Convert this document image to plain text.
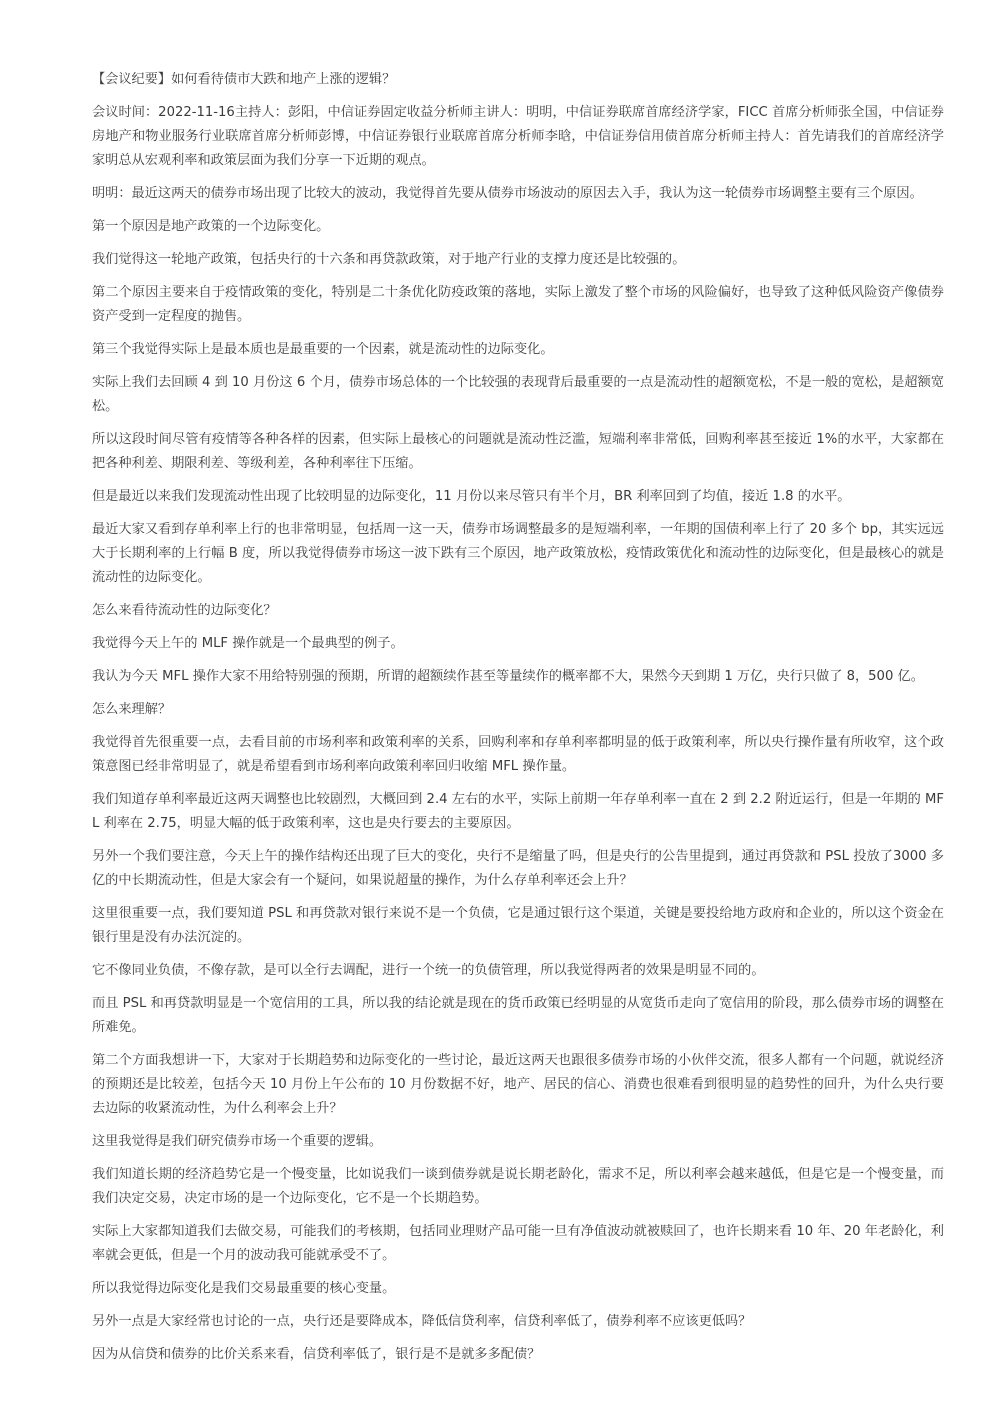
【会议纪要】如何看待债市大跌和地产上涨的逻辑？

会议时间：2022-11-16主持人：彭阳，中信证券固定收益分析师主讲人：明明，中信证券联席首席经济学家，FICC 首席分析师张全国，中信证券房地产和物业服务行业联席首席分析师彭博，中信证券银行业联席首席分析师李晗，中信证券信用债首席分析师主持人：首先请我们的首席经济学家明总从宏观利率和政策层面为我们分享一下近期的观点。

明明：最近这两天的债券市场出现了比较大的波动，我觉得首先要从债券市场波动的原因去入手，我认为这一轮债券市场调整主要有三个原因。

第一个原因是地产政策的一个边际变化。

我们觉得这一轮地产政策，包括央行的十六条和再贷款政策，对于地产行业的支撑力度还是比较强的。

第二个原因主要来自于疫情政策的变化，特别是二十条优化防疫政策的落地，实际上激发了整个市场的风险偏好，也导致了这种低风险资产像债券资产受到一定程度的抛售。

第三个我觉得实际上是最本质也是最重要的一个因素，就是流动性的边际变化。

实际上我们去回顾 4 到 10 月份这 6 个月，债券市场总体的一个比较强的表现背后最重要的一点是流动性的超额宽松，不是一般的宽松，是超额宽松。

所以这段时间尽管有疫情等各种各样的因素，但实际上最核心的问题就是流动性泛滥，短端利率非常低，回购利率甚至接近 1%的水平，大家都在把各种利差、期限利差、等级利差，各种利率往下压缩。

但是最近以来我们发现流动性出现了比较明显的边际变化，11 月份以来尽管只有半个月，BR 利率回到了均值，接近 1.8 的水平。

最近大家又看到存单利率上行的也非常明显，包括周一这一天，债券市场调整最多的是短端利率，一年期的国债利率上行了 20 多个 bp，其实远远大于长期利率的上行幅 B 度，所以我觉得债券市场这一波下跌有三个原因，地产政策放松，疫情政策优化和流动性的边际变化，但是最核心的就是流动性的边际变化。

怎么来看待流动性的边际变化？

我觉得今天上午的 MLF 操作就是一个最典型的例子。

我认为今天 MFL 操作大家不用给特别强的预期，所谓的超额续作甚至等量续作的概率都不大，果然今天到期 1 万亿，央行只做了 8，500 亿。

怎么来理解？

我觉得首先很重要一点，去看目前的市场利率和政策利率的关系，回购利率和存单利率都明显的低于政策利率，所以央行操作量有所收窄，这个政策意图已经非常明显了，就是希望看到市场利率向政策利率回归收缩 MFL 操作量。

我们知道存单利率最近这两天调整也比较剧烈，大概回到 2.4 左右的水平，实际上前期一年存单利率一直在 2 到 2.2 附近运行，但是一年期的 MFL 利率在 2.75，明显大幅的低于政策利率，这也是央行要去的主要原因。

另外一个我们要注意，今天上午的操作结构还出现了巨大的变化，央行不是缩量了吗，但是央行的公告里提到，通过再贷款和 PSL 投放了3000 多亿的中长期流动性，但是大家会有一个疑问，如果说超量的操作，为什么存单利率还会上升？

这里很重要一点，我们要知道 PSL 和再贷款对银行来说不是一个负债，它是通过银行这个渠道，关键是要投给地方政府和企业的，所以这个资金在银行里是没有办法沉淀的。

它不像同业负债，不像存款，是可以全行去调配，进行一个统一的负债管理，所以我觉得两者的效果是明显不同的。

而且 PSL 和再贷款明显是一个宽信用的工具，所以我的结论就是现在的货币政策已经明显的从宽货币走向了宽信用的阶段，那么债券市场的调整在所难免。

第二个方面我想讲一下，大家对于长期趋势和边际变化的一些讨论，最近这两天也跟很多债券市场的小伙伴交流，很多人都有一个问题，就说经济的预期还是比较差，包括今天 10 月份上午公布的 10 月份数据不好，地产、居民的信心、消费也很难看到很明显的趋势性的回升，为什么央行要去边际的收紧流动性，为什么利率会上升？

这里我觉得是我们研究债券市场一个重要的逻辑。

我们知道长期的经济趋势它是一个慢变量，比如说我们一谈到债券就是说长期老龄化，需求不足，所以利率会越来越低，但是它是一个慢变量，而我们决定交易，决定市场的是一个边际变化，它不是一个长期趋势。

实际上大家都知道我们去做交易，可能我们的考核期，包括同业理财产品可能一旦有净值波动就被赎回了，也许长期来看 10 年、20 年老龄化，利率就会更低，但是一个月的波动我可能就承受不了。

所以我觉得边际变化是我们交易最重要的核心变量。

另外一点是大家经常也讨论的一点，央行还是要降成本，降低信贷利率，信贷利率低了，债券利率不应该更低吗？

因为从信贷和债券的比价关系来看，信贷利率低了，银行是不是就多多配债？
